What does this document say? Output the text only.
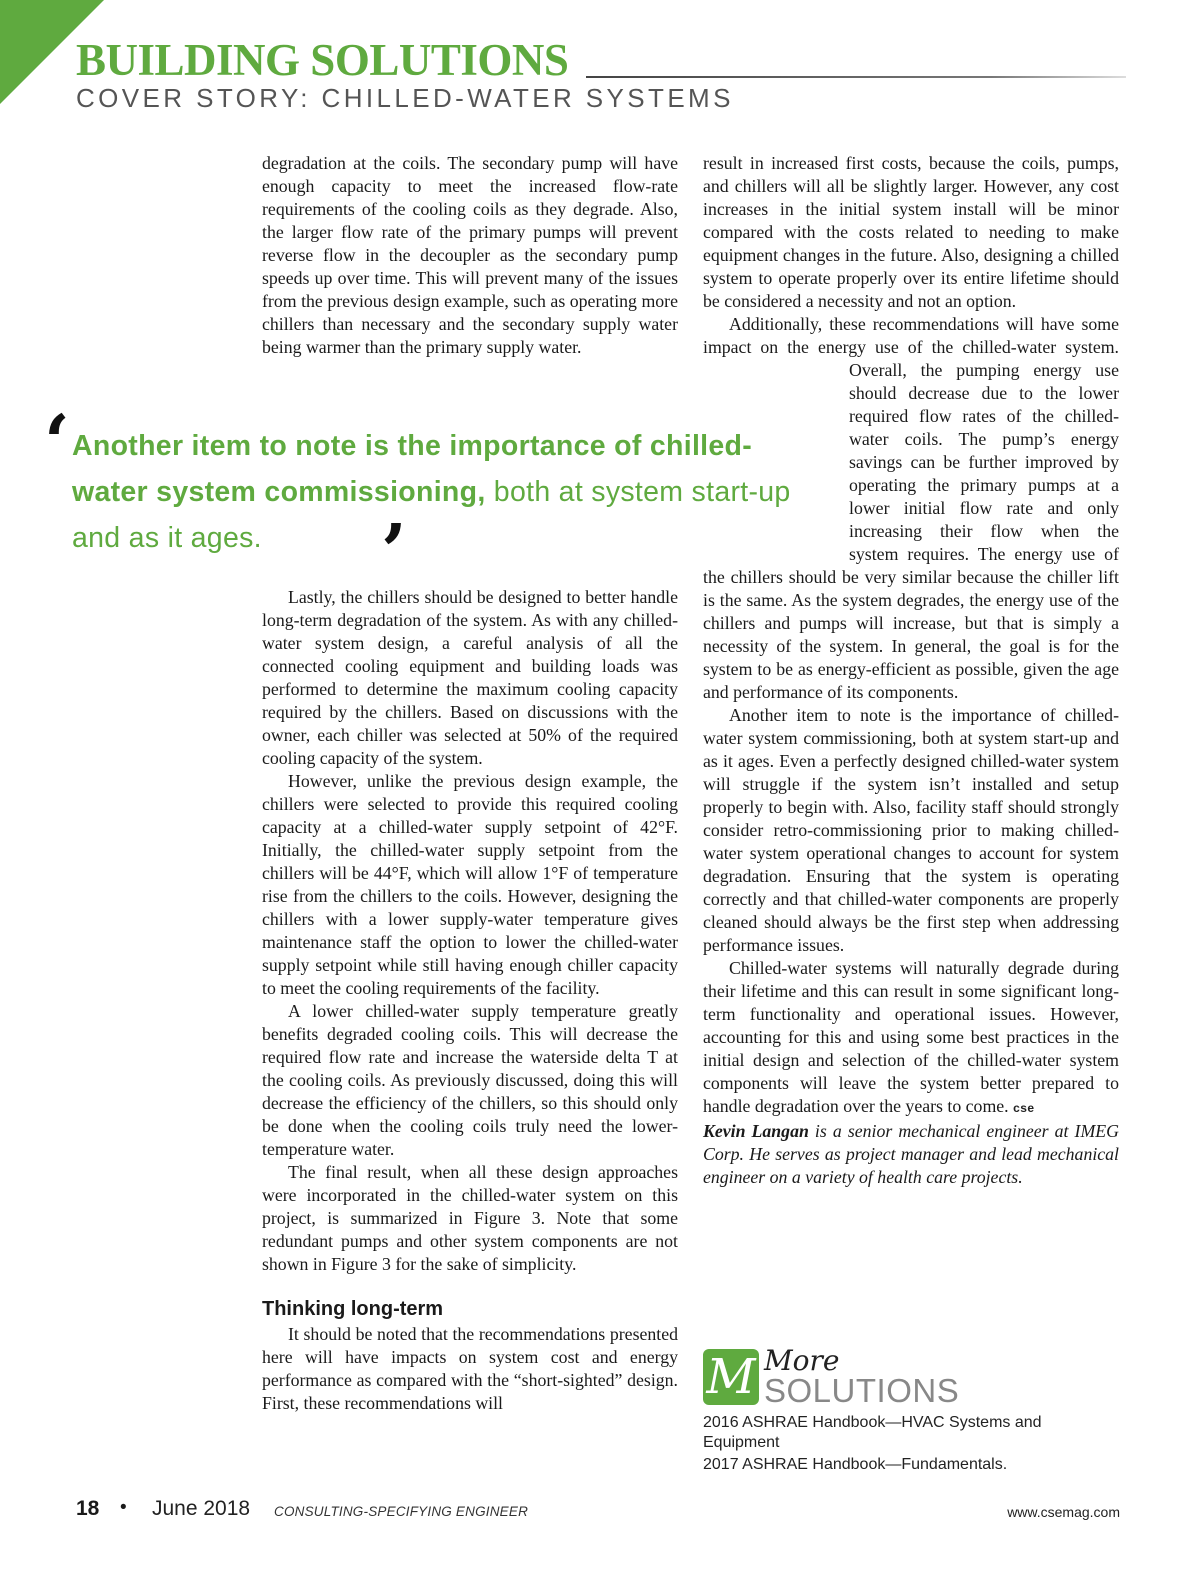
BUILDING SOLUTIONS
COVER STORY: CHILLED-WATER SYSTEMS

degradation at the coils. The secondary pump will have enough capacity to meet the increased flow-rate requirements of the cooling coils as they degrade. Also, the larger flow rate of the primary pumps will prevent reverse flow in the decoupler as the secondary pump speeds up over time. This will prevent many of the issues from the previous design example, such as operating more chillers than necessary and the secondary supply water being warmer than the primary supply water.

‘ Another item to note is the importance of chilled-water system commissioning, both at system start-up and as it ages.	’

Lastly, the chillers should be designed to better handle long-term degradation of the system. As with any chilled-water system design, a careful analysis of all the connected cooling equipment and building loads was performed to determine the maximum cooling capacity required by the chillers. Based on discussions with the owner, each chiller was selected at 50% of the required cooling capacity of the system.

However, unlike the previous design example, the chillers were selected to provide this required cooling capacity at a chilled-water supply setpoint of 42°F. Initially, the chilled-water supply setpoint from the chillers will be 44°F, which will allow 1°F of temperature rise from the chillers to the coils. However, designing the chillers with a lower supply-water temperature gives maintenance staff the option to lower the chilled-water supply setpoint while still having enough chiller capacity to meet the cooling requirements of the facility.

A lower chilled-water supply temperature greatly benefits degraded cooling coils. This will decrease the required flow rate and increase the waterside delta T at the cooling coils. As previously discussed, doing this will decrease the efficiency of the chillers, so this should only be done when the cooling coils truly need the lower-temperature water.

The final result, when all these design approaches were incorporated in the chilled-water system on this project, is summarized in Figure 3. Note that some redundant pumps and other system components are not shown in Figure 3 for the sake of simplicity.

Thinking long-term

It should be noted that the recommendations presented here will have impacts on system cost and energy performance as compared with the “short-sighted” design. First, these recommendations will

result in increased first costs, because the coils, pumps, and chillers will all be slightly larger. However, any cost increases in the initial system install will be minor compared with the costs related to needing to make equipment changes in the future. Also, designing a chilled system to operate properly over its entire lifetime should be considered a necessity and not an option.

Additionally, these recommendations will have some impact on the energy use of the chilled-water system. Overall, the pumping energy use
should decrease due to the lower required flow rates of the chilled-water coils. The pump’s energy savings can be further improved by operating the primary pumps at a lower initial flow rate and only increasing their flow when the system requires. The energy use of the chillers should be very similar because the chiller lift is the same. As the system degrades, the energy use of the chillers and pumps will increase, but that is simply a necessity of the system. In general, the goal is for the system to be as energy-efficient as possible, given the age and performance of its components.

Another item to note is the importance of chilled-water system commissioning, both at system start-up and as it ages. Even a perfectly designed chilled-water system will struggle if the system isn’t installed and setup properly to begin with. Also, facility staff should strongly consider retro-commissioning prior to making chilled-water system operational changes to account for system degradation. Ensuring that the system is operating correctly and that chilled-water components are properly cleaned should always be the first step when addressing performance issues.

Chilled-water systems will naturally degrade during their lifetime and this can result in some significant long-term functionality and operational issues. However, accounting for this and using some best practices in the initial design and selection of the chilled-water system components will leave the system better prepared to handle degradation over the years to come. cse

Kevin Langan is a senior mechanical engineer at IMEG Corp. He serves as project manager and lead mechanical engineer on a variety of health care projects.

M More
SOLUTIONS
2016 ASHRAE Handbook—HVAC Systems and Equipment
2017 ASHRAE Handbook—Fundamentals.
18 • June 2018 CONSULTING-SPECIFYING ENGINEER	www.csemag.com
